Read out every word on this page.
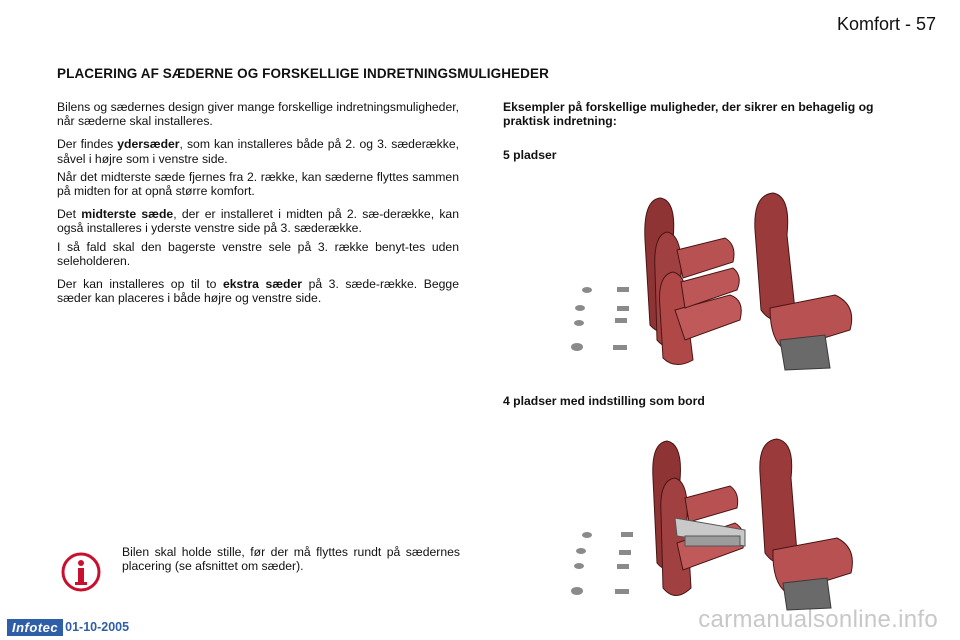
Komfort - 57
PLACERING AF SÆDERNE OG FORSKELLIGE INDRETNINGSMULIGHEDER

Bilens og sædernes design giver mange forskellige indretningsmuligheder, når sæderne skal installeres.

Der findes ydersæder, som kan installeres både på 2. og 3. sæderække, såvel i højre som i venstre side.

Når det midterste sæde fjernes fra 2. række, kan sæderne flyttes sammen på midten for at opnå større komfort.

Det midterste sæde, der er installeret i midten på 2. sæ-derække, kan også installeres i yderste venstre side på 3. sæderække.

I så fald skal den bagerste venstre sele på 3. række benyt-tes uden seleholderen.

Der kan installeres op til to ekstra sæder på 3. sæde-række. Begge sæder kan placeres i både højre og venstre side.

Eksempler på forskellige muligheder, der sikrer en behagelig og praktisk indretning:
5 pladser
4 pladser med indstilling som bord
Bilen skal holde stille, før der må flyttes rundt på sædernes placering (se afsnittet om sæder).
Infotec 01-10-2005	carmanualsonline.info
